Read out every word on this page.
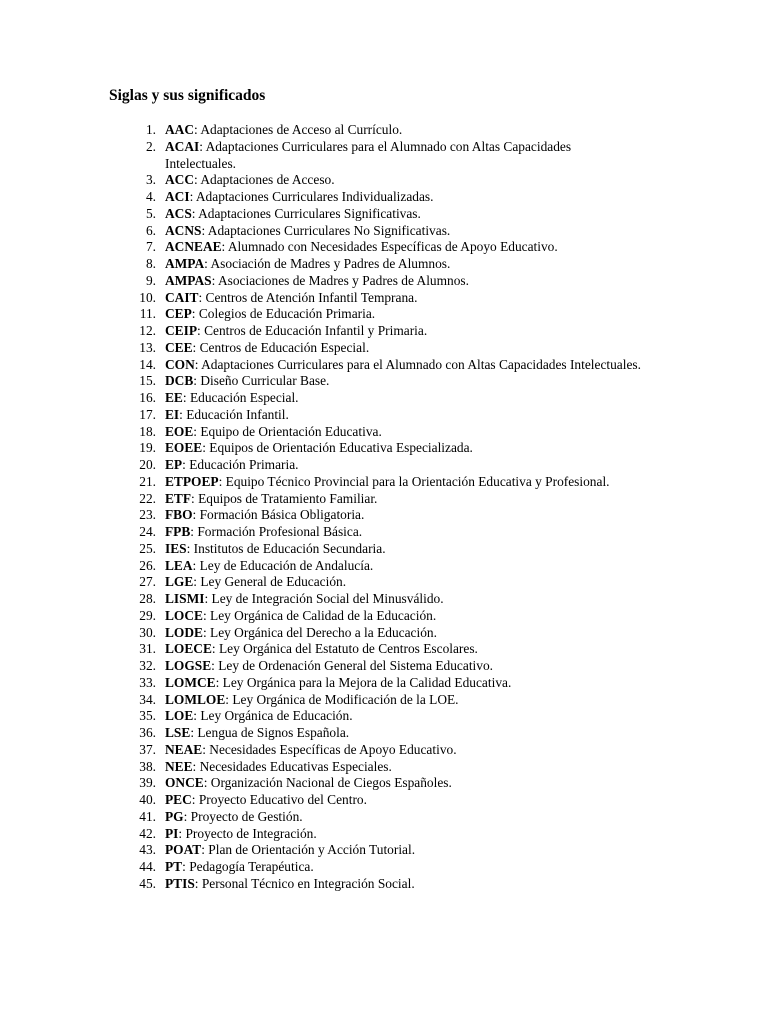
Siglas y sus significados
1. AAC: Adaptaciones de Acceso al Currículo.
2. ACAI: Adaptaciones Curriculares para el Alumnado con Altas Capacidades Intelectuales.
3. ACC: Adaptaciones de Acceso.
4. ACI: Adaptaciones Curriculares Individualizadas.
5. ACS: Adaptaciones Curriculares Significativas.
6. ACNS: Adaptaciones Curriculares No Significativas.
7. ACNEAE: Alumnado con Necesidades Específicas de Apoyo Educativo.
8. AMPA: Asociación de Madres y Padres de Alumnos.
9. AMPAS: Asociaciones de Madres y Padres de Alumnos.
10. CAIT: Centros de Atención Infantil Temprana.
11. CEP: Colegios de Educación Primaria.
12. CEIP: Centros de Educación Infantil y Primaria.
13. CEE: Centros de Educación Especial.
14. CON: Adaptaciones Curriculares para el Alumnado con Altas Capacidades Intelectuales.
15. DCB: Diseño Curricular Base.
16. EE: Educación Especial.
17. EI: Educación Infantil.
18. EOE: Equipo de Orientación Educativa.
19. EOEE: Equipos de Orientación Educativa Especializada.
20. EP: Educación Primaria.
21. ETPOEP: Equipo Técnico Provincial para la Orientación Educativa y Profesional.
22. ETF: Equipos de Tratamiento Familiar.
23. FBO: Formación Básica Obligatoria.
24. FPB: Formación Profesional Básica.
25. IES: Institutos de Educación Secundaria.
26. LEA: Ley de Educación de Andalucía.
27. LGE: Ley General de Educación.
28. LISMI: Ley de Integración Social del Minusválido.
29. LOCE: Ley Orgánica de Calidad de la Educación.
30. LODE: Ley Orgánica del Derecho a la Educación.
31. LOECE: Ley Orgánica del Estatuto de Centros Escolares.
32. LOGSE: Ley de Ordenación General del Sistema Educativo.
33. LOMCE: Ley Orgánica para la Mejora de la Calidad Educativa.
34. LOMLOE: Ley Orgánica de Modificación de la LOE.
35. LOE: Ley Orgánica de Educación.
36. LSE: Lengua de Signos Española.
37. NEAE: Necesidades Específicas de Apoyo Educativo.
38. NEE: Necesidades Educativas Especiales.
39. ONCE: Organización Nacional de Ciegos Españoles.
40. PEC: Proyecto Educativo del Centro.
41. PG: Proyecto de Gestión.
42. PI: Proyecto de Integración.
43. POAT: Plan de Orientación y Acción Tutorial.
44. PT: Pedagogía Terapéutica.
45. PTIS: Personal Técnico en Integración Social.
